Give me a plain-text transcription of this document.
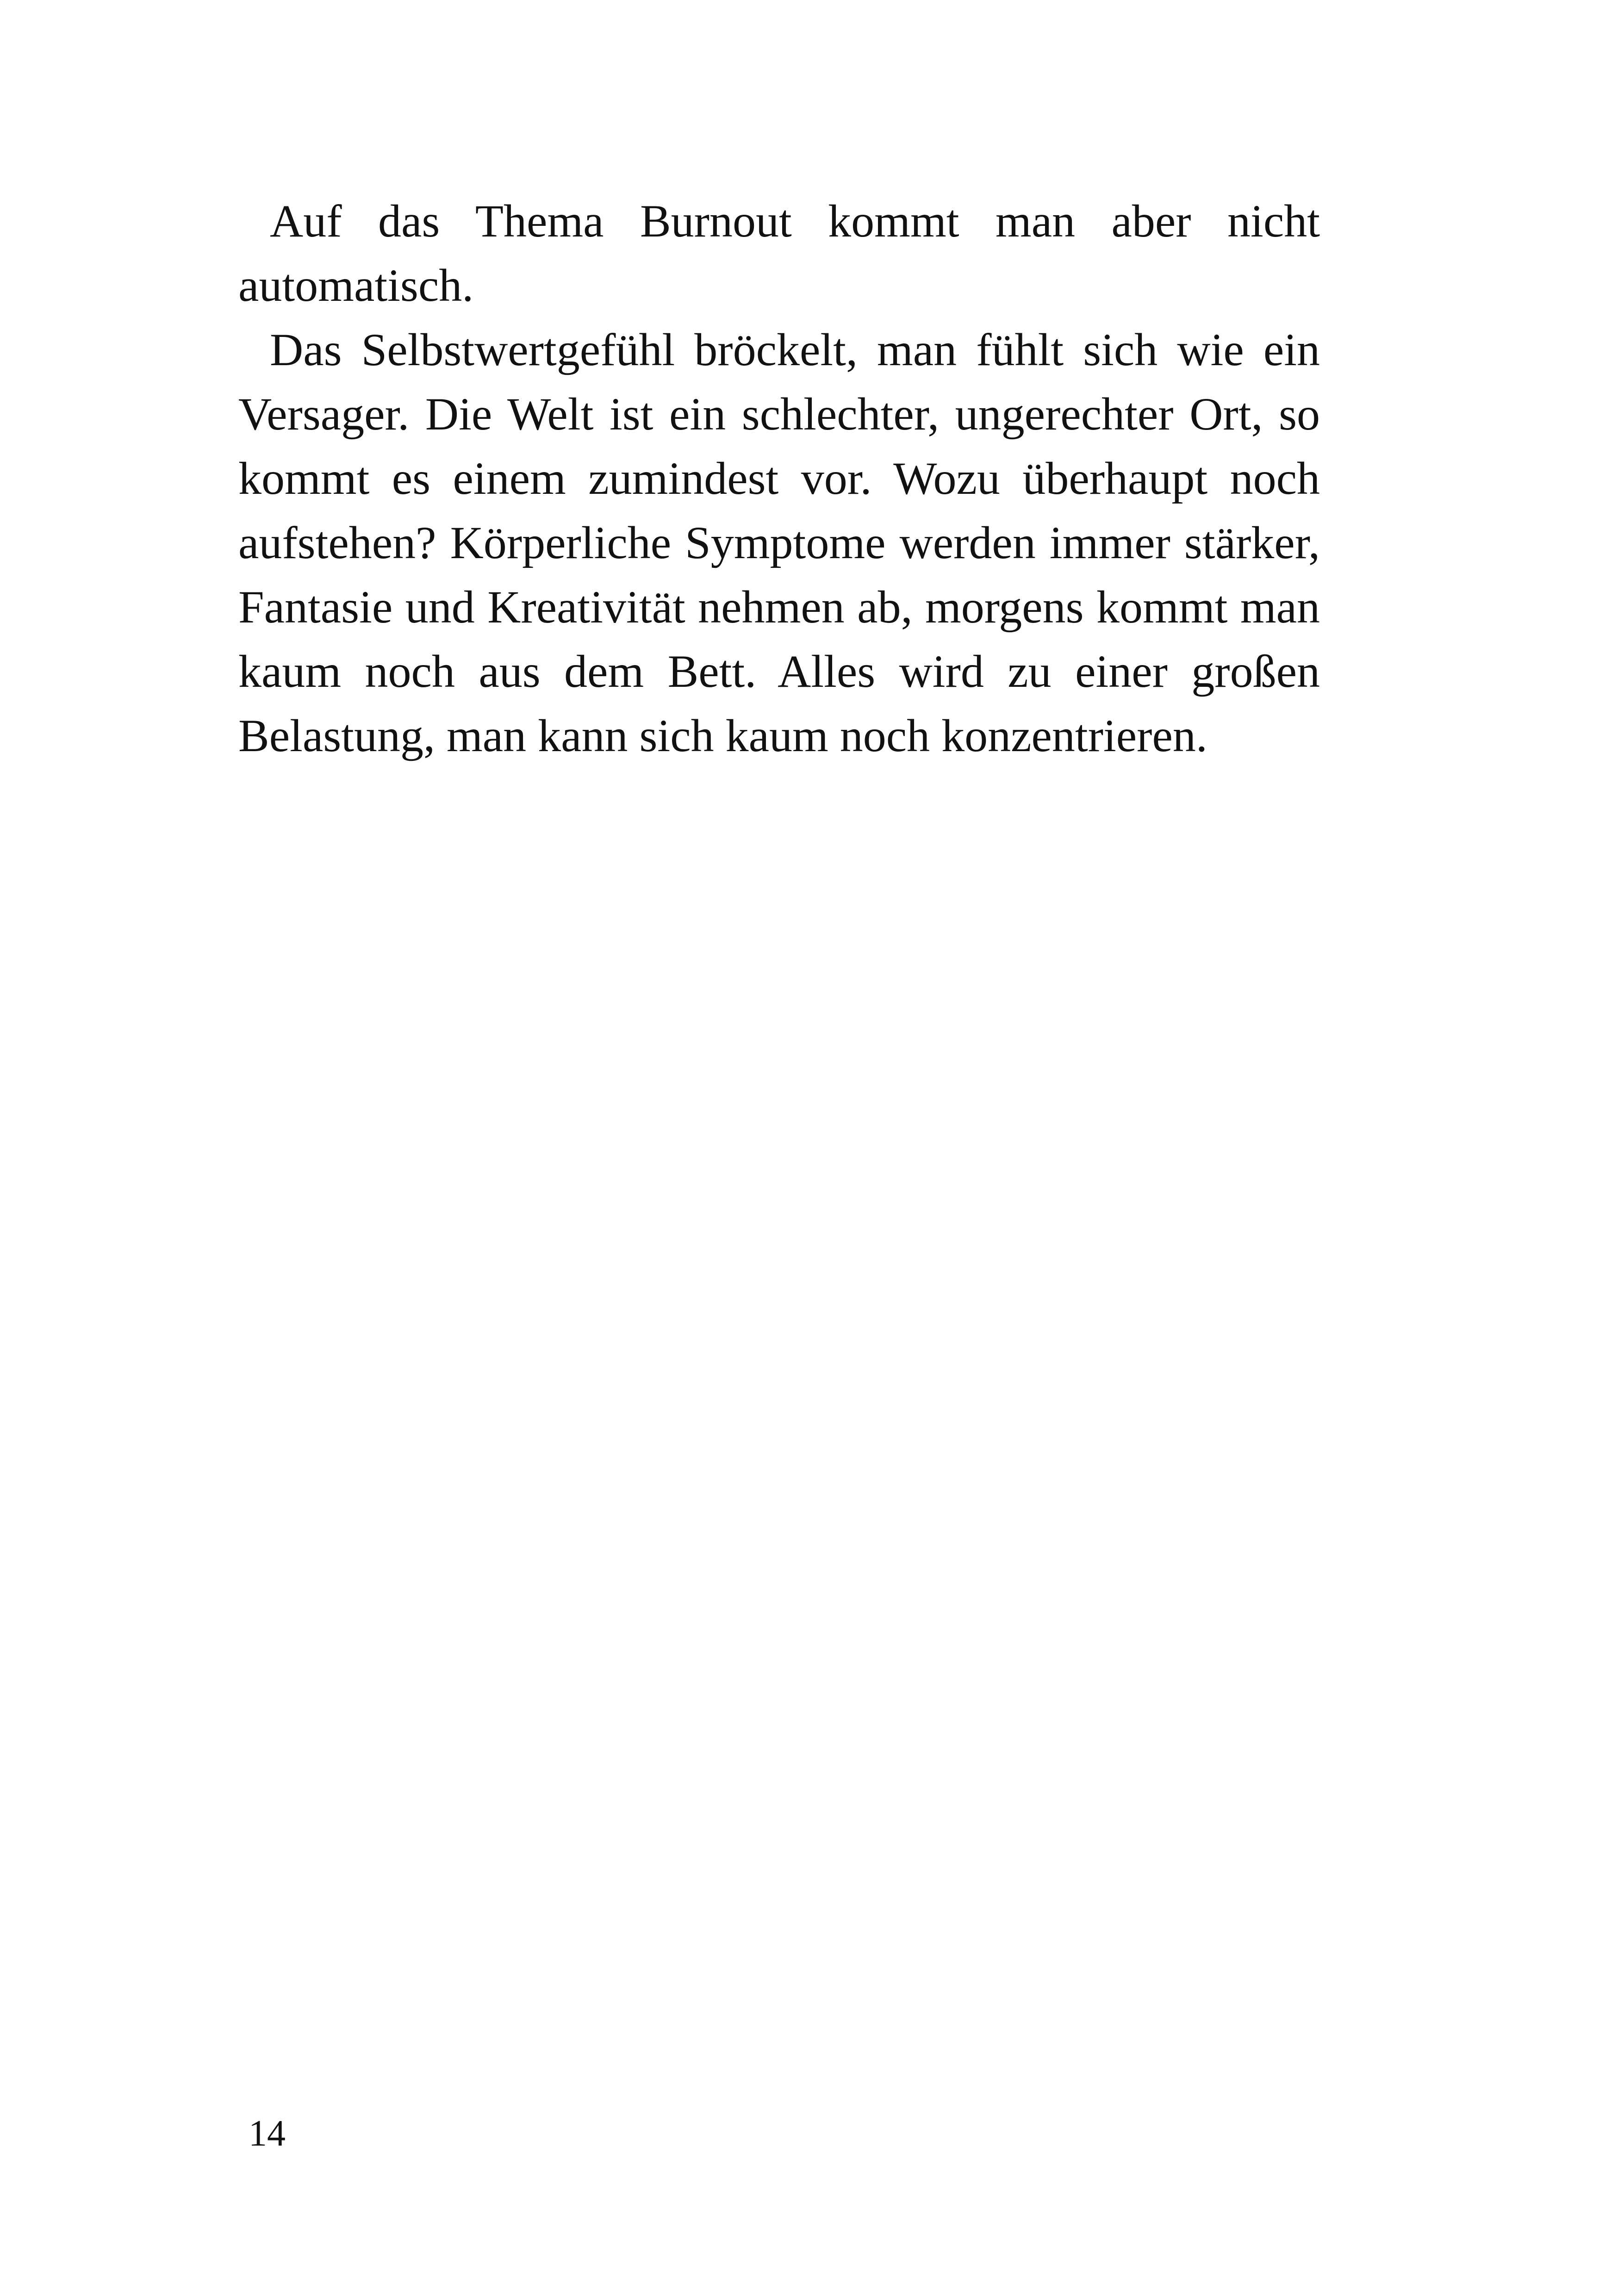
Auf das Thema Burnout kommt man aber nicht automatisch.

Das Selbstwertgefühl bröckelt, man fühlt sich wie ein Versager. Die Welt ist ein schlechter, ungerechter Ort, so kommt es einem zumindest vor. Wozu überhaupt noch aufstehen? Körperliche Symptome werden immer stärker, Fantasie und Kreativität nehmen ab, morgens kommt man kaum noch aus dem Bett. Alles wird zu einer großen Belastung, man kann sich kaum noch konzentrieren.

14
